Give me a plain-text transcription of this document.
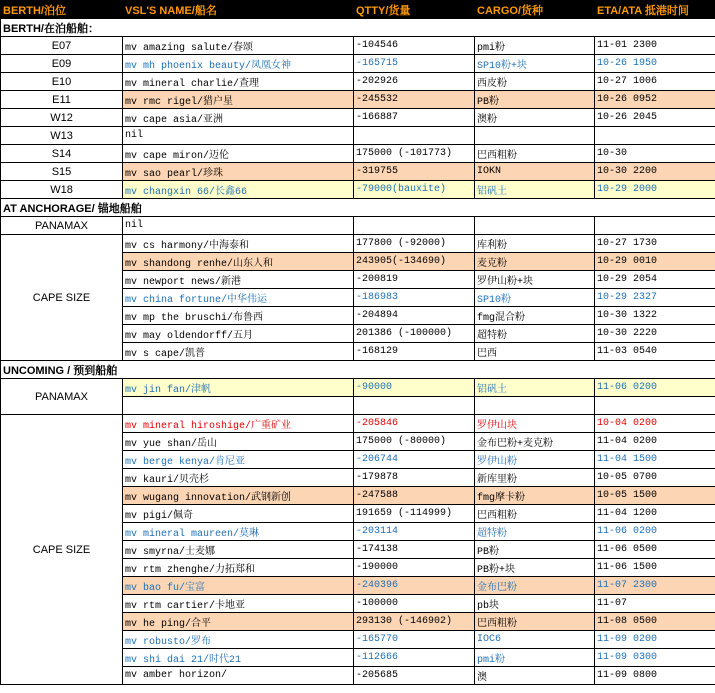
BERTH/泊位	VSL'S NAME/船名	QTTY/货量	CARGO/货种	ETA/ATA 抵港时间
BERTH/在泊船舶：				
E07	mv amazing salute/春颂	-104546	pmi粉	11-01 2300
E09	mv mh phoenix beauty/凤凰女神	-165715	SP10粉+块	10-26 1950
E10	mv mineral charlie/查理	-202926	西皮粉	10-27 1006
E11	mv rmc rigel/猎户星	-245532	PB粉	10-26 0952
W12	mv cape asia/亚洲	-166887	澳粉	10-26 2045
W13	nil			
S14	mv cape miron/迈伦	175000 (-101773)	巴西粗粉	10-30
S15	mv sao pearl/珍珠	-319755	IOKN	10-30 2200
W18	mv changxin 66/长鑫66	-79000(bauxite)	铝矾土	10-29 2000
AT ANCHORAGE/ 锚地船舶				
PANAMAX	nil			
CAPE SIZE	mv cs harmony/中海泰和	177800 (-92000)	库利粉	10-27 1730
	mv shandong renhe/山东人和	243905(-134690)	麦克粉	10-29 0010
	mv newport news/新港	-200819	罗伊山粉+块	10-29 2054
	mv china fortune/中华伟运	-186983	SP10粉	10-29 2327
	mv mp the bruschi/布鲁西	-204894	fmg混合粉	10-30 1322
	mv may oldendorff/五月	201386 (-100000)	超特粉	10-30 2220
	mv s cape/凯普	-168129	巴西	11-03 0540
UNCOMING / 预到船舶				
PANAMAX	mv jin fan/津帆	-90000	铝矾土	11-06 0200

CAPE SIZE	mv mineral hiroshige/广重矿业	-205846	罗伊山块	10-04 0200
	mv yue shan/岳山	175000 (-80000)	金布巴粉+麦克粉	11-04 0200
	mv berge kenya/肯尼亚	-206744	罗伊山粉	11-04 1500
	mv kauri/贝壳杉	-179878	新库里粉	10-05 0700
	mv wugang innovation/武钢新创	-247588	fmg摩卡粉	10-05 1500
	mv pigi/佩奇	191659 (-114999)	巴西粗粉	11-04 1200
	mv mineral maureen/莫琳	-203114	超特粉	11-06 0200
	mv smyrna/士麦娜	-174138	PB粉	11-06 0500
	mv rtm zhenghe/力拓郑和	-190000	PB粉+块	11-06 1500
	mv bao fu/宝富	-240396	金布巴粉	11-07 2300
	mv rtm cartier/卡地亚	-100000	pb块	11-07
	mv he ping/合平	293130 (-146902)	巴西粗粉	11-08 0500
	mv robusto/罗布	-165770	IOC6	11-09 0200
	mv shi dai 21/时代21	-112666	pmi粉	11-09 0300
	mv amber horizon/	-205685	澳	11-09 0800
